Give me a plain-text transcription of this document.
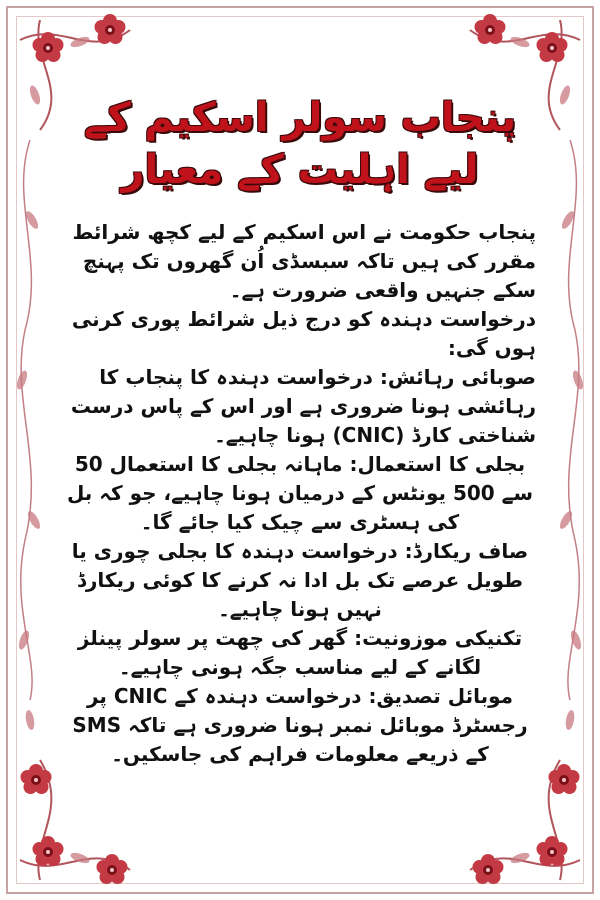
پنجاب سولر اسکیم کے
لیے اہلیت کے معیار

پنجاب حکومت نے اس اسکیم کے لیے کچھ شرائط مقرر کی ہیں تاکہ سبسڈی اُن گھروں تک پہنچ سکے جنہیں واقعی ضرورت ہے۔

درخواست دہندہ کو درج ذیل شرائط پوری کرنی ہوں گی:

صوبائی رہائش: درخواست دہندہ کا پنجاب کا رہائشی ہونا ضروری ہے اور اس کے پاس درست شناختی کارڈ (CNIC) ہونا چاہیے۔

بجلی کا استعمال: ماہانہ بجلی کا استعمال 50 سے 500 یونٹس کے درمیان ہونا چاہیے، جو کہ بل کی ہسٹری سے چیک کیا جائے گا۔

صاف ریکارڈ: درخواست دہندہ کا بجلی چوری یا طویل عرصے تک بل ادا نہ کرنے کا کوئی ریکارڈ نہیں ہونا چاہیے۔

تکنیکی موزونیت: گھر کی چھت پر سولر پینلز لگانے کے لیے مناسب جگہ ہونی چاہیے۔

موبائل تصدیق: درخواست دہندہ کے CNIC پر رجسٹرڈ موبائل نمبر ہونا ضروری ہے تاکہ SMS کے ذریعے معلومات فراہم کی جاسکیں۔
